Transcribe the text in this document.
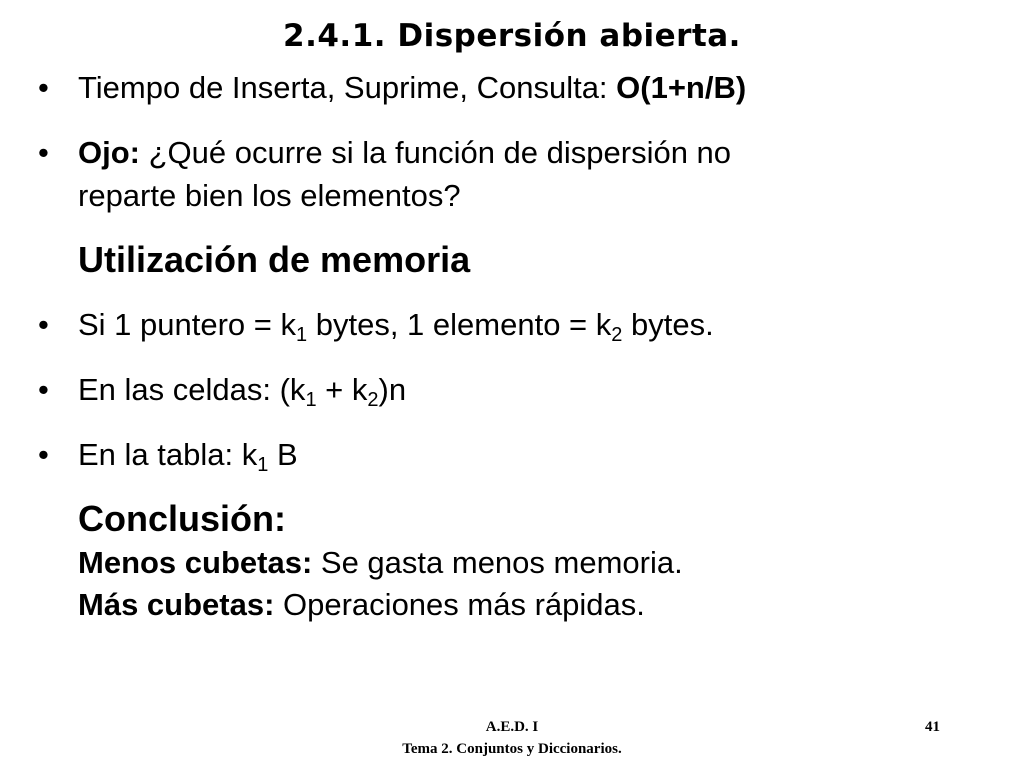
2.4.1. Dispersión abierta.
• Tiempo de Inserta, Suprime, Consulta: O(1+n/B)
• Ojo: ¿Qué ocurre si la función de dispersión no
reparte bien los elementos?
Utilización de memoria
• Si 1 puntero = $k_1$ bytes, 1 elemento = $k_2$ bytes.
• En las celdas: $(k_1 + k_2)n$
• En la tabla: $k_1$ B
Conclusión:
Menos cubetas: Se gasta menos memoria.
Más cubetas: Operaciones más rápidas.
A.E.D. I
Tema 2. Conjuntos y Diccionarios.
41
